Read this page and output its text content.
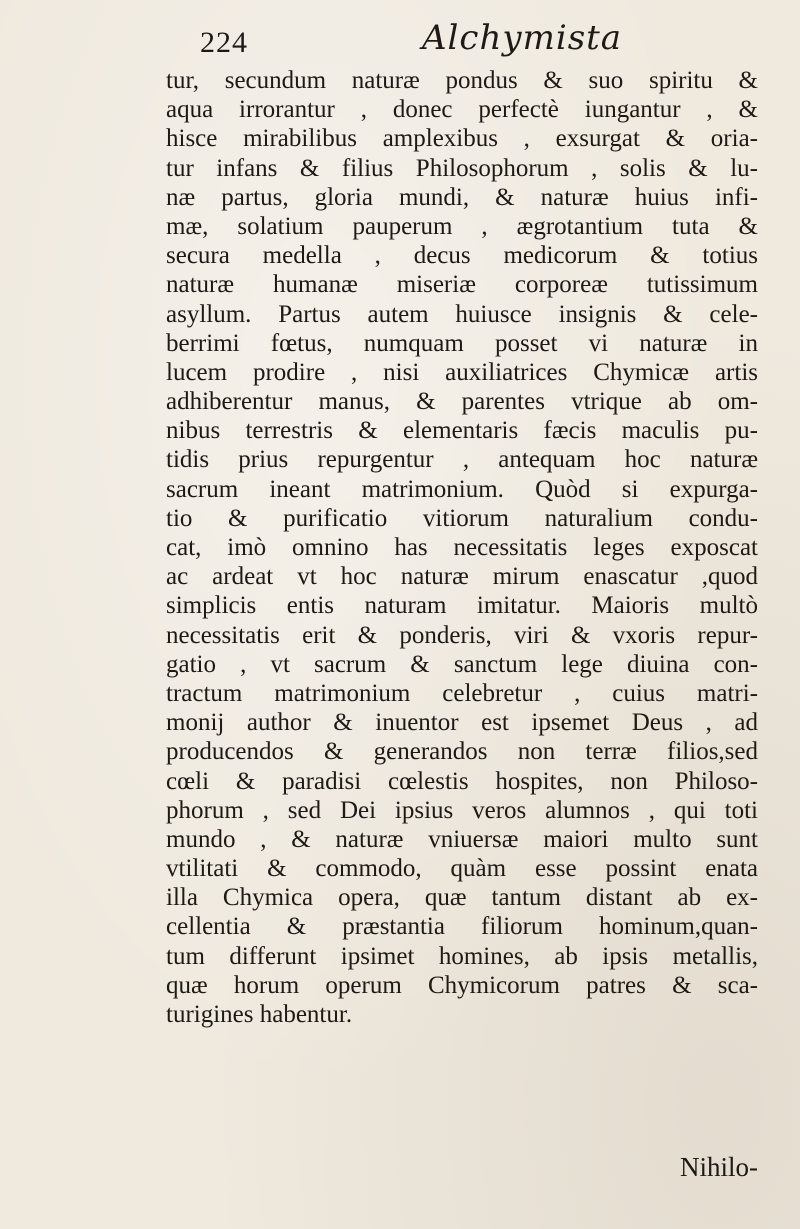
224	Alchymista
tur, secundum naturæ pondus & suo spiritu &
aqua irrorantur , donec perfectè iungantur , &
hisce mirabilibus amplexibus , exsurgat & oria-
tur infans & filius Philosophorum , solis & lu-
næ partus, gloria mundi, & naturæ huius infi-
mæ, solatium pauperum , ægrotantium tuta &
secura medella , decus medicorum & totius
naturæ humanæ miseriæ corporeæ tutissimum
asyllum. Partus autem huiusce insignis & cele-
berrimi fœtus, numquam posset vi naturæ in
lucem prodire , nisi auxiliatrices Chymicæ artis
adhiberentur manus, & parentes vtrique ab om-
nibus terrestris & elementaris fæcis maculis pu-
tidis prius repurgentur , antequam hoc naturæ
sacrum ineant matrimonium. Quòd si expurga-
tio & purificatio vitiorum naturalium condu-
cat, imò omnino has necessitatis leges exposcat
ac ardeat vt hoc naturæ mirum enascatur ,quod
simplicis entis naturam imitatur. Maioris multò
necessitatis erit & ponderis, viri & vxoris repur-
gatio , vt sacrum & sanctum lege diuina con-
tractum matrimonium celebretur , cuius matri-
monij author & inuentor est ipsemet Deus , ad
producendos & generandos non terræ filios,sed
cœli & paradisi cœlestis hospites, non Philoso-
phorum , sed Dei ipsius veros alumnos , qui toti
mundo , & naturæ vniuersæ maiori multo sunt
vtilitati & commodo, quàm esse possint enata
illa Chymica opera, quæ tantum distant ab ex-
cellentia & præstantia filiorum hominum,quan-
tum differunt ipsimet homines, ab ipsis metallis,
quæ horum operum Chymicorum patres & sca-
turigines habentur.
Nihilo-
